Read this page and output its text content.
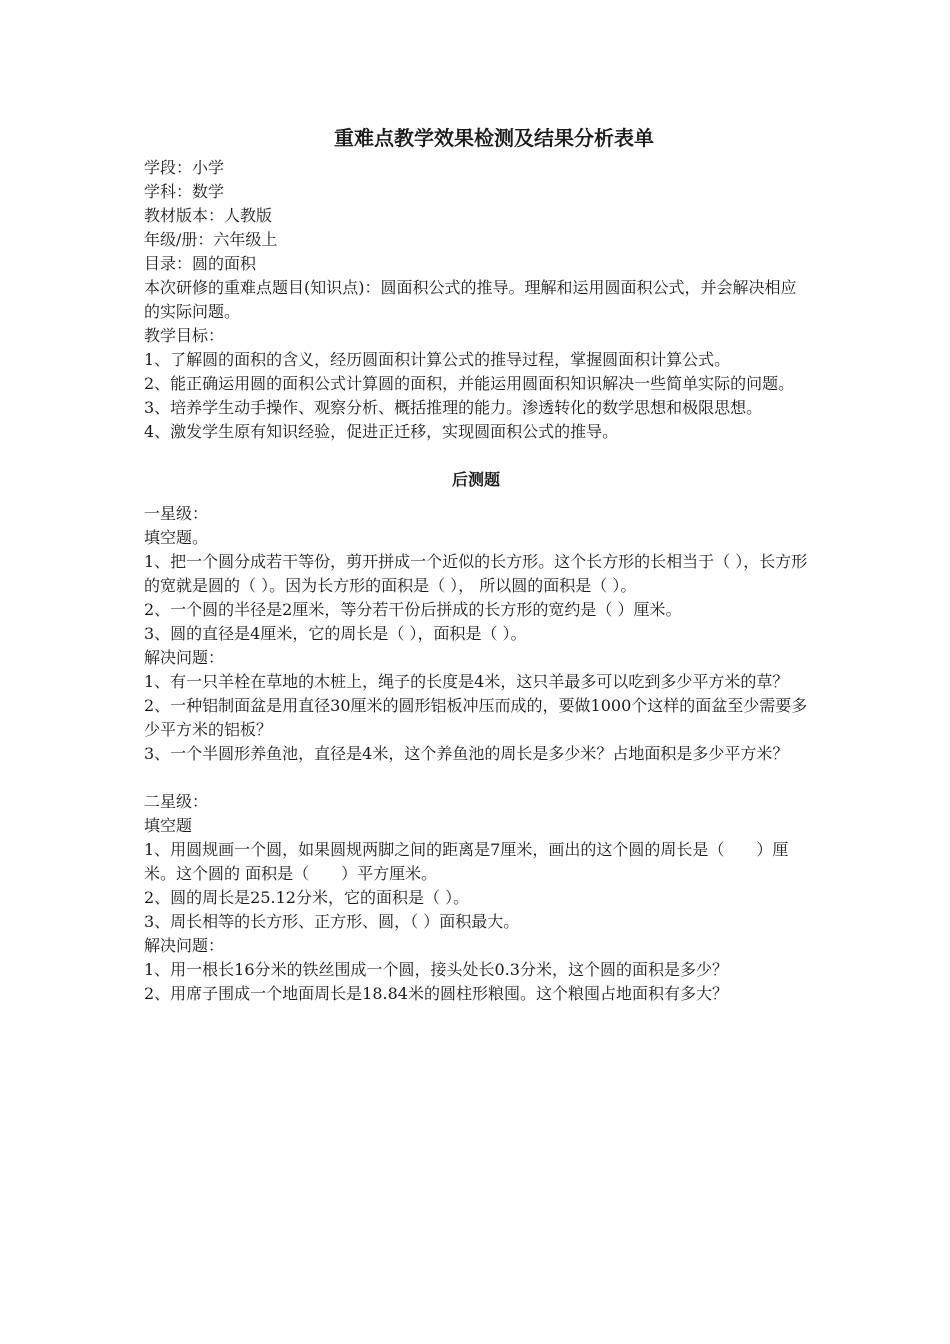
重难点教学效果检测及结果分析表单

学段：小学

学科：数学

教材版本：人教版

年级/册：六年级上

目录：圆的面积

本次研修的重难点题目(知识点)：圆面积公式的推导。理解和运用圆面积公式，并会解决相应的实际问题。

教学目标：

1、了解圆的面积的含义，经历圆面积计算公式的推导过程，掌握圆面积计算公式。

2、能正确运用圆的面积公式计算圆的面积，并能运用圆面积知识解决一些简单实际的问题。

3、培养学生动手操作、观察分析、概括推理的能力。渗透转化的数学思想和极限思想。

4、激发学生原有知识经验，促进正迁移，实现圆面积公式的推导。

后测题

一星级：

填空题。

1、把一个圆分成若干等份，剪开拼成一个近似的长方形。这个长方形的长相当于（ ），长方形的宽就是圆的（ ）。因为长方形的面积是（ ）， 所以圆的面积是（ ）。

2、一个圆的半径是2厘米，等分若干份后拼成的长方形的宽约是（ ）厘米。

3、圆的直径是4厘米，它的周长是（ ），面积是（ ）。

解决问题：

1、有一只羊栓在草地的木桩上，绳子的长度是4米，这只羊最多可以吃到多少平方米的草？

2、一种铝制面盆是用直径30厘米的圆形铝板冲压而成的，要做1000个这样的面盆至少需要多少平方米的铝板？

3、一个半圆形养鱼池，直径是4米，这个养鱼池的周长是多少米？占地面积是多少平方米？

二星级：

填空题

1、用圆规画一个圆，如果圆规两脚之间的距离是7厘米，画出的这个圆的周长是（　　）厘米。这个圆的 面积是（　　）平方厘米。

2、圆的周长是25.12分米，它的面积是（ ）。

3、周长相等的长方形、正方形、圆，（ ）面积最大。

解决问题：

1、用一根长16分米的铁丝围成一个圆，接头处长0.3分米，这个圆的面积是多少？

2、用席子围成一个地面周长是18.84米的圆柱形粮囤。这个粮囤占地面积有多大？
